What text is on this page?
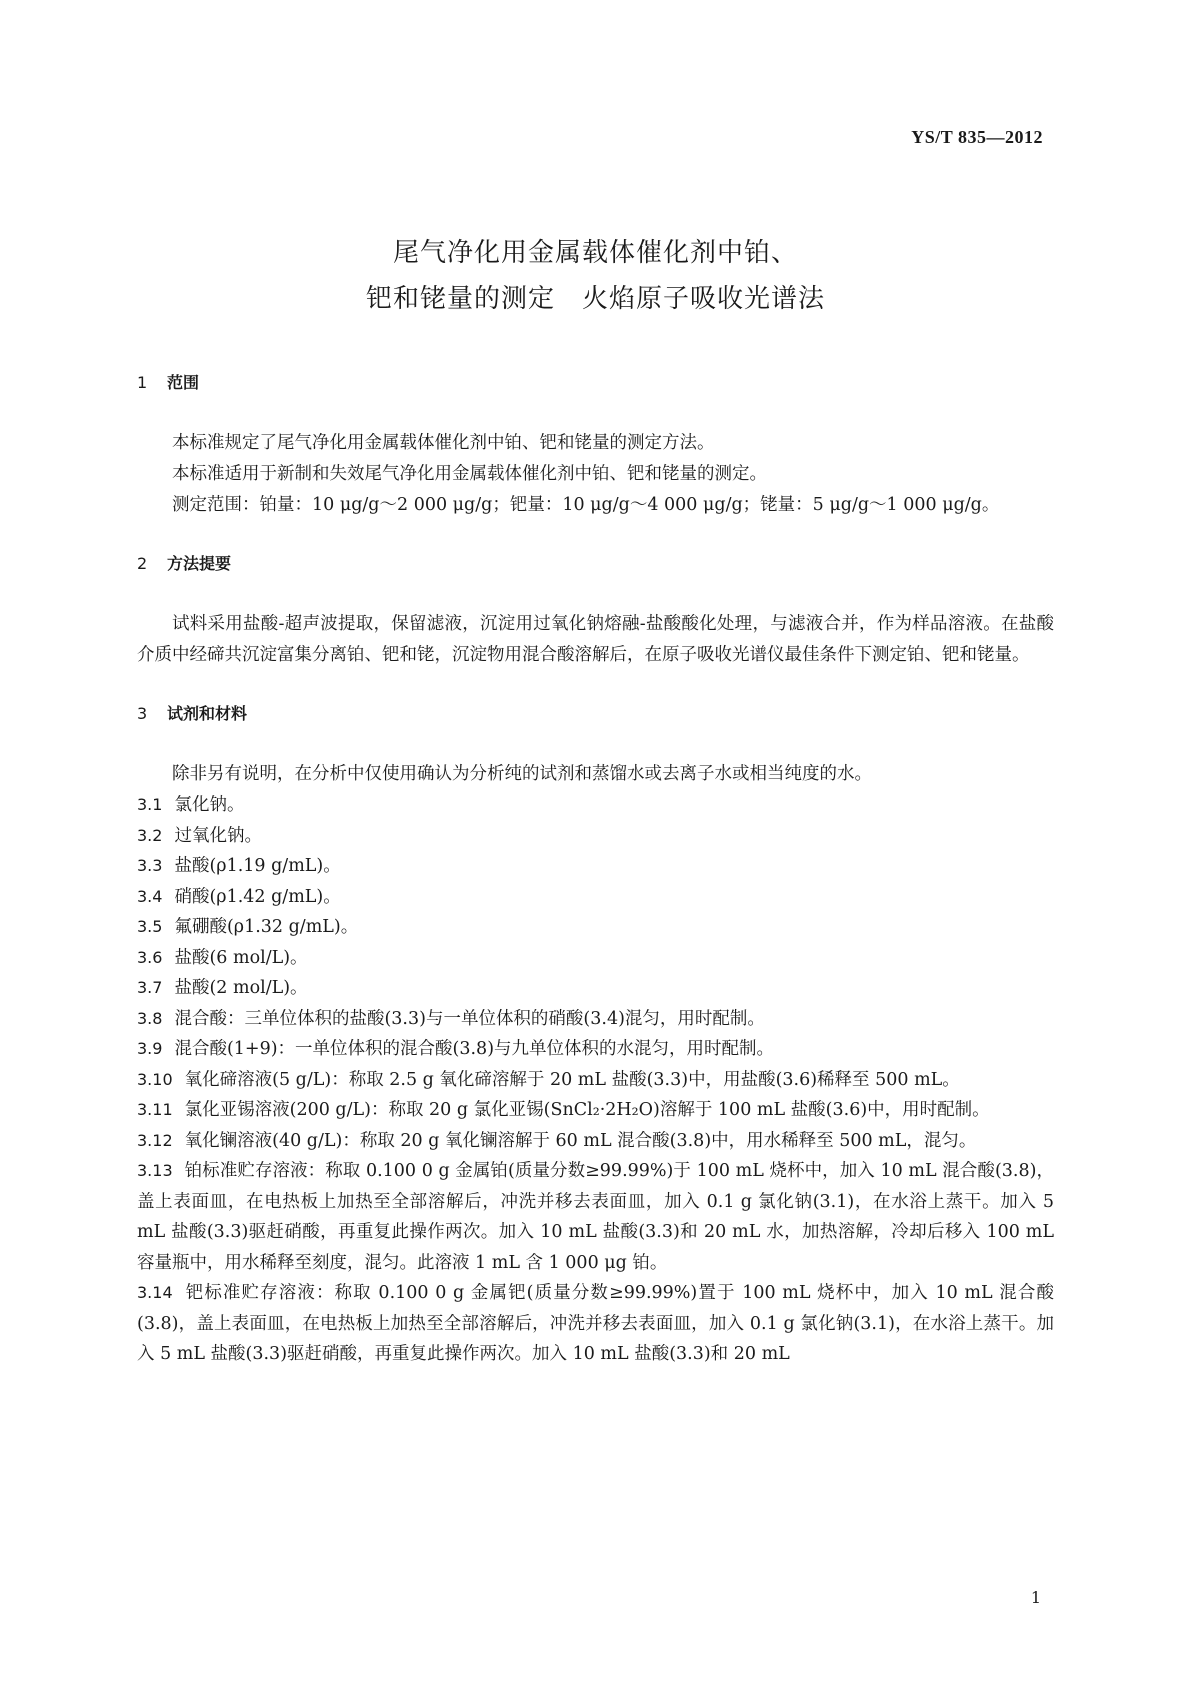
YS/T 835—2012
尾气净化用金属载体催化剂中铂、
钯和铑量的测定　火焰原子吸收光谱法
1 范围

本标准规定了尾气净化用金属载体催化剂中铂、钯和铑量的测定方法。

本标准适用于新制和失效尾气净化用金属载体催化剂中铂、钯和铑量的测定。

测定范围：铂量：10 μg/g～2 000 μg/g；钯量：10 μg/g～4 000 μg/g；铑量：5 μg/g～1 000 μg/g。

2 方法提要

试料采用盐酸-超声波提取，保留滤液，沉淀用过氧化钠熔融-盐酸酸化处理，与滤液合并，作为样品溶液。在盐酸介质中经碲共沉淀富集分离铂、钯和铑，沉淀物用混合酸溶解后，在原子吸收光谱仪最佳条件下测定铂、钯和铑量。

3 试剂和材料

除非另有说明，在分析中仅使用确认为分析纯的试剂和蒸馏水或去离子水或相当纯度的水。

3.1 氯化钠。

3.2 过氧化钠。

3.3 盐酸(ρ1.19 g/mL)。

3.4 硝酸(ρ1.42 g/mL)。

3.5 氟硼酸(ρ1.32 g/mL)。

3.6 盐酸(6 mol/L)。

3.7 盐酸(2 mol/L)。

3.8 混合酸：三单位体积的盐酸(3.3)与一单位体积的硝酸(3.4)混匀，用时配制。

3.9 混合酸(1+9)：一单位体积的混合酸(3.8)与九单位体积的水混匀，用时配制。

3.10 氧化碲溶液(5 g/L)：称取 2.5 g 氧化碲溶解于 20 mL 盐酸(3.3)中，用盐酸(3.6)稀释至 500 mL。

3.11 氯化亚锡溶液(200 g/L)：称取 20 g 氯化亚锡(SnCl₂·2H₂O)溶解于 100 mL 盐酸(3.6)中，用时配制。

3.12 氧化镧溶液(40 g/L)：称取 20 g 氧化镧溶解于 60 mL 混合酸(3.8)中，用水稀释至 500 mL，混匀。

3.13 铂标准贮存溶液：称取 0.100 0 g 金属铂(质量分数≥99.99%)于 100 mL 烧杯中，加入 10 mL 混合酸(3.8)，盖上表面皿，在电热板上加热至全部溶解后，冲洗并移去表面皿，加入 0.1 g 氯化钠(3.1)，在水浴上蒸干。加入 5 mL 盐酸(3.3)驱赶硝酸，再重复此操作两次。加入 10 mL 盐酸(3.3)和 20 mL 水，加热溶解，冷却后移入 100 mL 容量瓶中，用水稀释至刻度，混匀。此溶液 1 mL 含 1 000 μg 铂。

3.14 钯标准贮存溶液：称取 0.100 0 g 金属钯(质量分数≥99.99%)置于 100 mL 烧杯中，加入 10 mL 混合酸(3.8)，盖上表面皿，在电热板上加热至全部溶解后，冲洗并移去表面皿，加入 0.1 g 氯化钠(3.1)，在水浴上蒸干。加入 5 mL 盐酸(3.3)驱赶硝酸，再重复此操作两次。加入 10 mL 盐酸(3.3)和 20 mL

1
